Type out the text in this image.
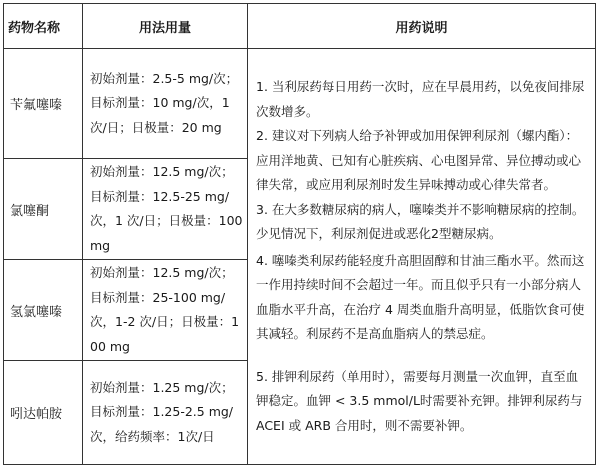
药物名称	用法用量	用药说明
苄氟噻嗪	初始剂量：2.5-5 mg/次；目标剂量：10 mg/次，1次/日；日极量：20 mg	1. 当利尿药每日用药一次时，应在早晨用药，以免夜间排尿次数增多。

2. 建议对下列病人给予补钾或加用保钾利尿剂（螺内酯）：应用洋地黄、已知有心脏疾病、心电图异常、异位搏动或心律失常，或应用利尿剂时发生异味搏动或心律失常者。

3. 在大多数糖尿病的病人，噻嗪类并不影响糖尿病的控制。少见情况下，利尿剂促进或恶化2型糖尿病。

4. 噻嗪类利尿药能轻度升高胆固醇和甘油三酯水平。然而这一作用持续时间不会超过一年。而且似乎只有一小部分病人血脂水平升高，在治疗 4 周类血脂升高明显，低脂饮食可使其减轻。利尿药不是高血脂病人的禁忌症。

5. 排钾利尿药（单用时），需要每月测量一次血钾，直至血钾稳定。血钾 < 3.5 mmol/L时需要补充钾。排钾利尿药与 ACEI 或 ARB 合用时，则不需要补钾。

氯噻酮	初始剂量：12.5 mg/次；目标剂量：12.5-25 mg/次，1 次/日；日极量：100 mg	
氢氯噻嗪	初始剂量：12.5 mg/次；目标剂量：25-100 mg/次，1-2 次/日；日极量：100 mg	
吲达帕胺	初始剂量：1.25 mg/次；目标剂量：1.25-2.5 mg/次，给药频率：1次/日	
